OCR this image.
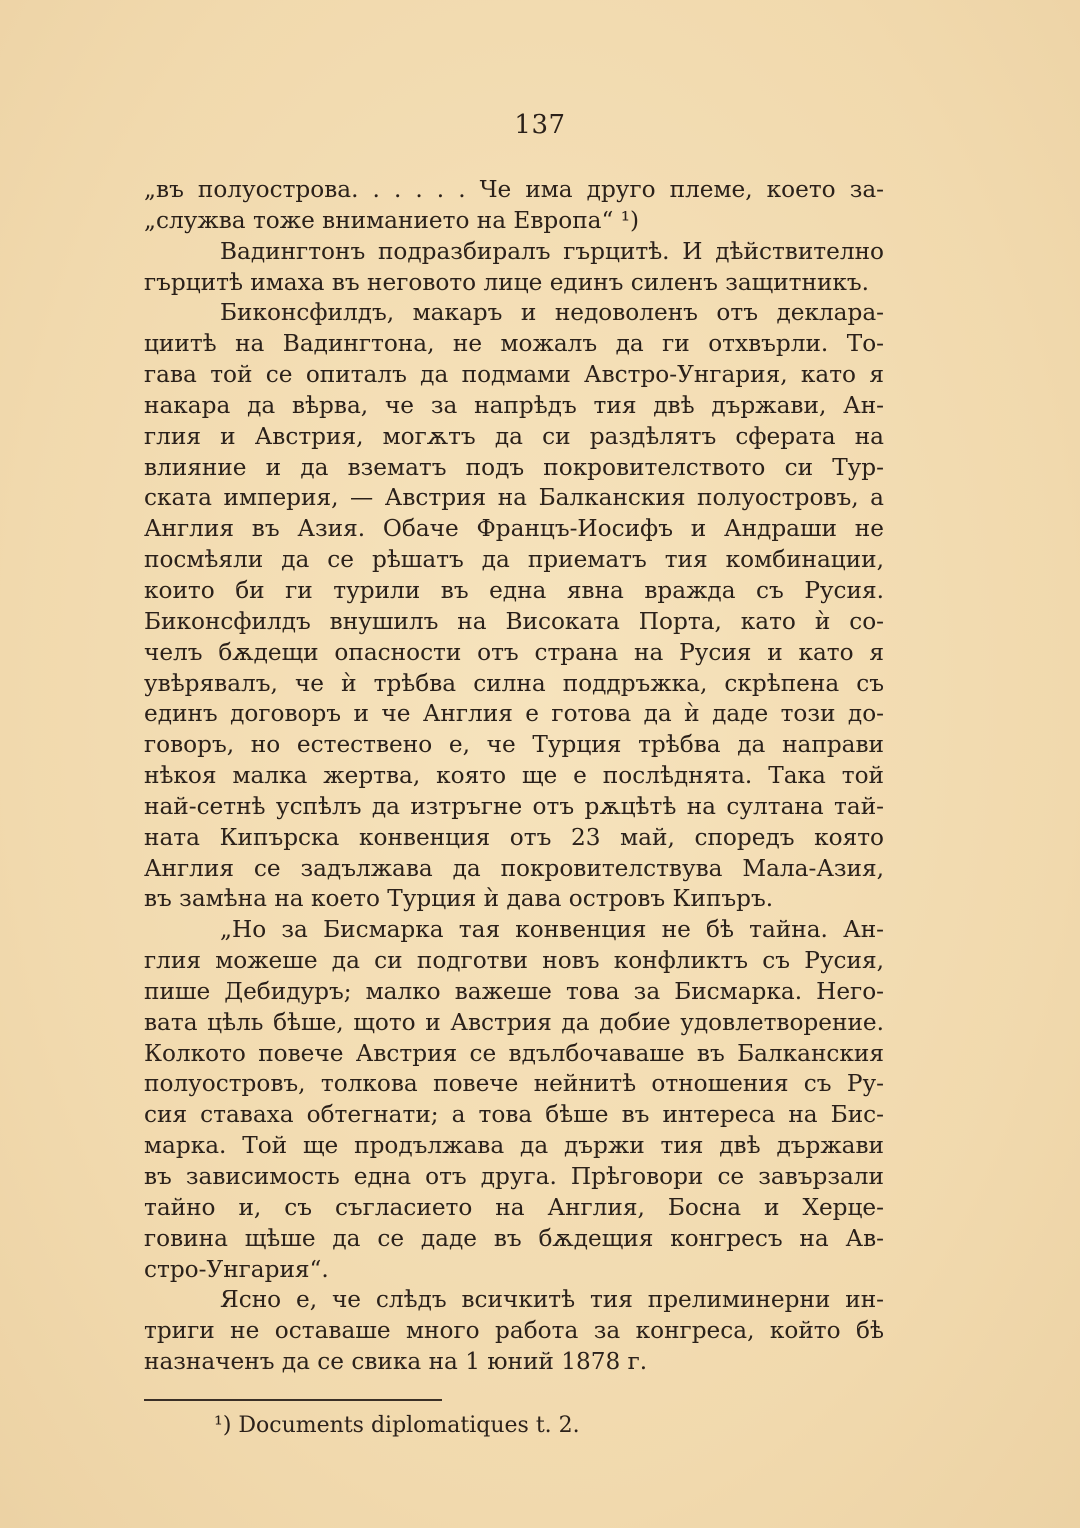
137
„въ полуострова. . . . . . Че има друго племе, което за-
„служва тоже вниманието на Европа“ ¹)
Вадингтонъ подразбиралъ гърцитѣ. И дѣйствително
гърцитѣ имаха въ неговото лице единъ силенъ защитникъ.
Биконсфилдъ, макаръ и недоволенъ отъ деклара-
циитѣ на Вадингтона, не можалъ да ги отхвърли. То-
гава той се опиталъ да подмами Австро-Унгария, като я
накара да вѣрва, че за напрѣдъ тия двѣ държави, Ан-
глия и Австрия, могѫтъ да си раздѣлятъ сферата на
влияние и да взематъ подъ покровителството си Тур-
ската империя, — Австрия на Балканския полуостровъ, а
Англия въ Азия. Обаче Францъ-Иосифъ и Андраши не
посмѣяли да се рѣшатъ да приематъ тия комбинации,
които би ги турили въ една явна вражда съ Русия.
Биконсфилдъ внушилъ на Високата Порта, като ѝ со-
челъ бѫдещи опасности отъ страна на Русия и като я
увѣрявалъ, че ѝ трѣбва силна поддръжка, скрѣпена съ
единъ договоръ и че Англия е готова да ѝ даде този до-
говоръ, но естествено е, че Турция трѣбва да направи
нѣкоя малка жертва, която ще е послѣднята. Така той
най-сетнѣ успѣлъ да изтръгне отъ рѫцѣтѣ на султана тай-
ната Кипърска конвенция отъ 23 май, споредъ която
Англия се задължава да покровителствува Мала-Азия,
въ замѣна на което Турция ѝ дава островъ Кипъръ.
„Но за Бисмарка тая конвенция не бѣ тайна. Ан-
глия можеше да си подготви новъ конфликтъ съ Русия,
пише Дебидуръ; малко важеше това за Бисмарка. Него-
вата цѣль бѣше, щото и Австрия да добие удовлетворение.
Колкото повече Австрия се вдълбочаваше въ Балканския
полуостровъ, толкова повече нейнитѣ отношения съ Ру-
сия ставаха обтегнати; а това бѣше въ интереса на Бис-
марка. Той ще продължава да държи тия двѣ държави
въ зависимость една отъ друга. Прѣговори се завързали
тайно и, съ съгласието на Англия, Босна и Херце-
говина щѣше да се даде въ бѫдещия конгресъ на Ав-
стро-Унгария“.
Ясно е, че слѣдъ всичкитѣ тия прелиминерни ин-
триги не оставаше много работа за конгреса, който бѣ
назначенъ да се свика на 1 юний 1878 г.
¹) Documents diplomatiques t. 2.
